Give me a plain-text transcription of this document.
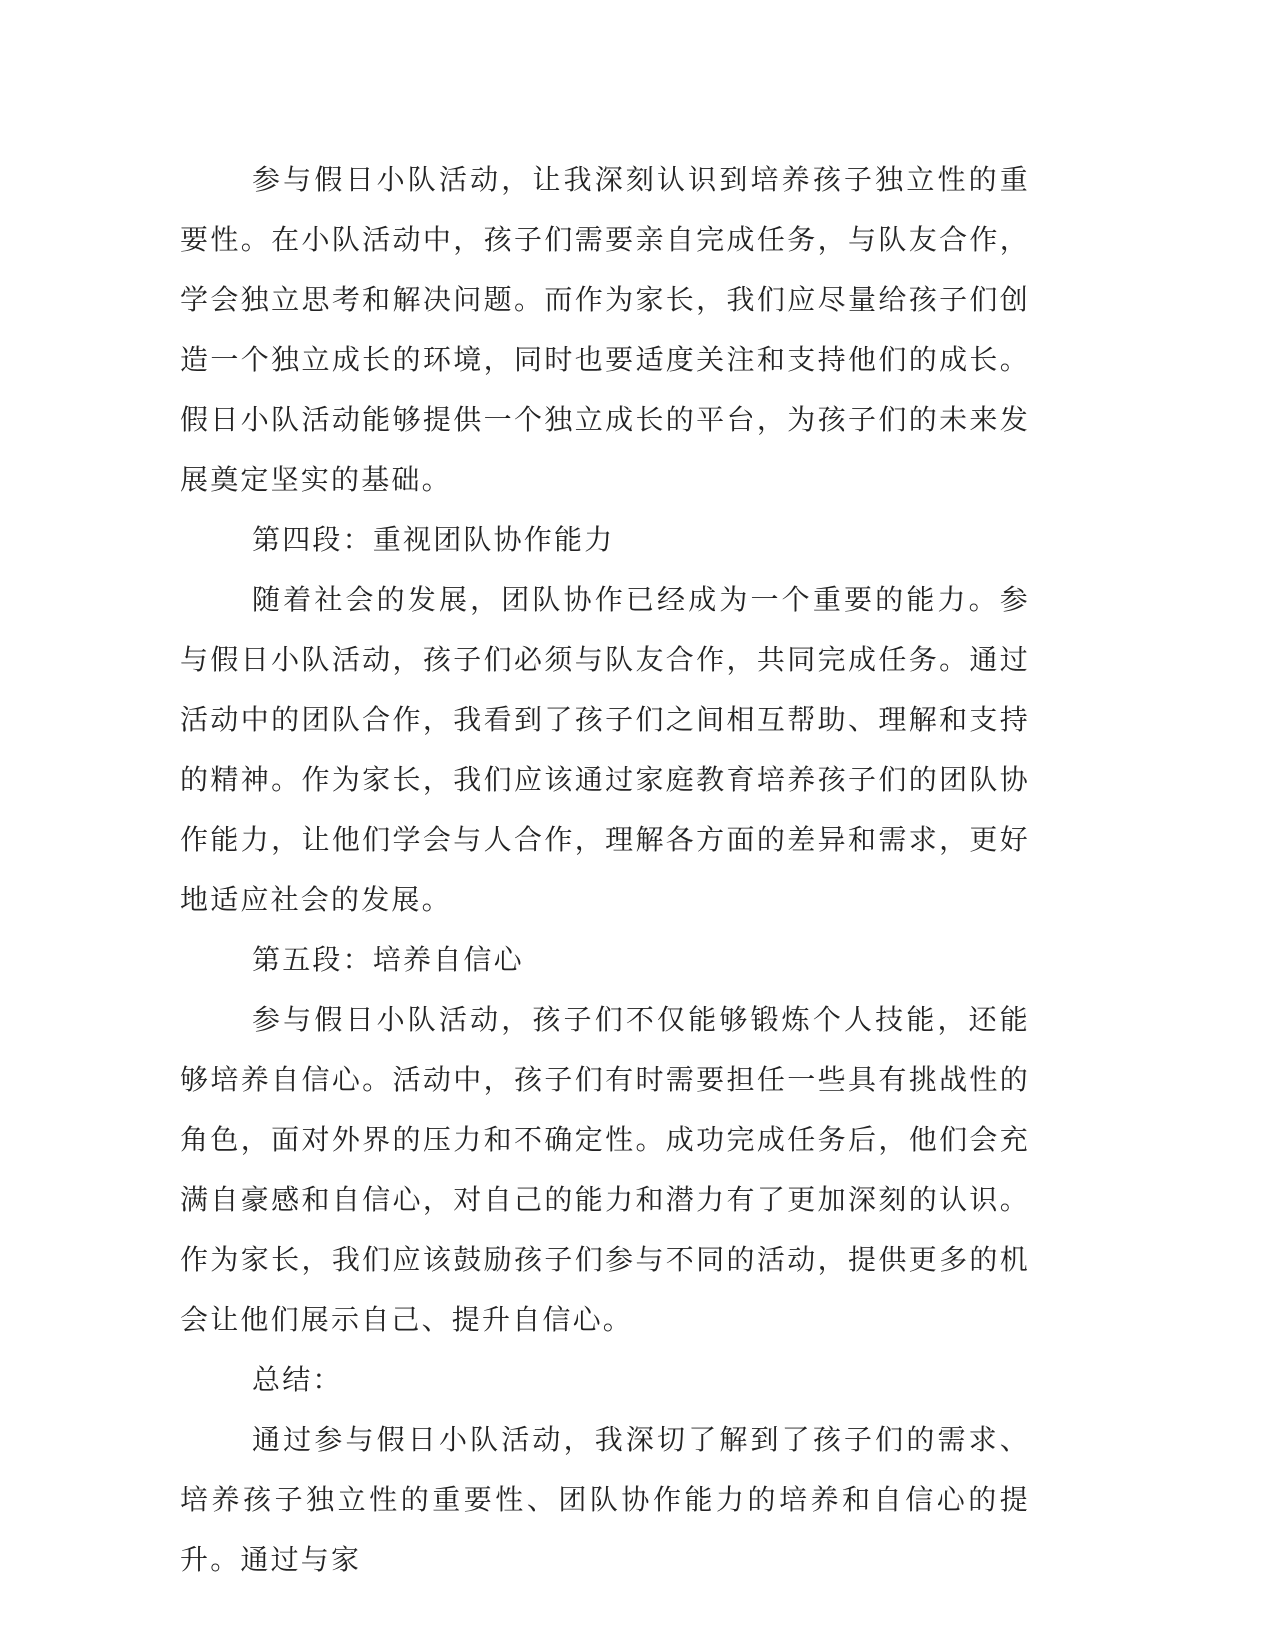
参与假日小队活动，让我深刻认识到培养孩子独立性的重要性。在小队活动中，孩子们需要亲自完成任务，与队友合作，学会独立思考和解决问题。而作为家长，我们应尽量给孩子们创造一个独立成长的环境，同时也要适度关注和支持他们的成长。假日小队活动能够提供一个独立成长的平台，为孩子们的未来发展奠定坚实的基础。

第四段：重视团队协作能力

随着社会的发展，团队协作已经成为一个重要的能力。参与假日小队活动，孩子们必须与队友合作，共同完成任务。通过活动中的团队合作，我看到了孩子们之间相互帮助、理解和支持的精神。作为家长，我们应该通过家庭教育培养孩子们的团队协作能力，让他们学会与人合作，理解各方面的差异和需求，更好地适应社会的发展。

第五段：培养自信心

参与假日小队活动，孩子们不仅能够锻炼个人技能，还能够培养自信心。活动中，孩子们有时需要担任一些具有挑战性的角色，面对外界的压力和不确定性。成功完成任务后，他们会充满自豪感和自信心，对自己的能力和潜力有了更加深刻的认识。作为家长，我们应该鼓励孩子们参与不同的活动，提供更多的机会让他们展示自己、提升自信心。

总结：

通过参与假日小队活动，我深切了解到了孩子们的需求、培养孩子独立性的重要性、团队协作能力的培养和自信心的提升。通过与家
